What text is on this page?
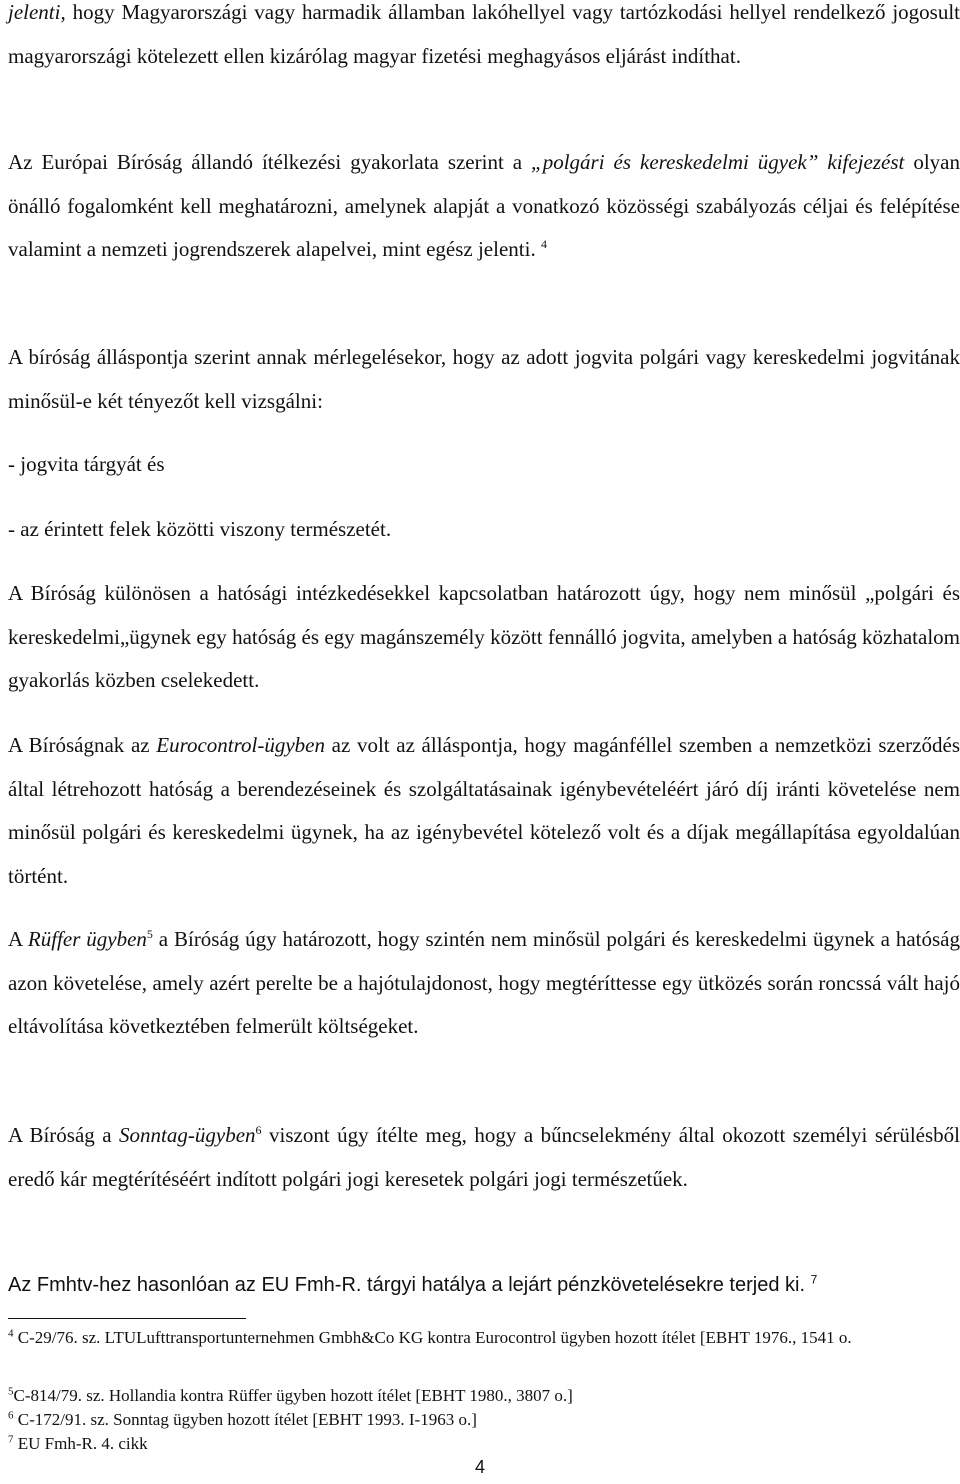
jelenti, hogy Magyarországi vagy harmadik államban lakóhellyel vagy tartózkodási hellyel rendelkező jogosult magyarországi kötelezett ellen kizárólag magyar fizetési meghagyásos eljárást indíthat.

Az Európai Bíróság állandó ítélkezési gyakorlata szerint a „polgári és kereskedelmi ügyek” kifejezést olyan önálló fogalomként kell meghatározni, amelynek alapját a vonatkozó közösségi szabályozás céljai és felépítése valamint a nemzeti jogrendszerek alapelvei, mint egész jelenti. $^4$

A bíróság álláspontja szerint annak mérlegelésekor, hogy az adott jogvita polgári vagy kereskedelmi jogvitának minősül-e két tényezőt kell vizsgálni:

- jogvita tárgyát és

- az érintett felek közötti viszony természetét.

A Bíróság különösen a hatósági intézkedésekkel kapcsolatban határozott úgy, hogy nem minősül „polgári és kereskedelmi„ügynek egy hatóság és egy magánszemély között fennálló jogvita, amelyben a hatóság közhatalom gyakorlás közben cselekedett.

A Bíróságnak az Eurocontrol-ügyben az volt az álláspontja, hogy magánféllel szemben a nemzetközi szerződés által létrehozott hatóság a berendezéseinek és szolgáltatásainak igénybevételéért járó díj iránti követelése nem minősül polgári és kereskedelmi ügynek, ha az igénybevétel kötelező volt és a díjak megállapítása egyoldalúan történt.

A Rüffer ügyben$^5$ a Bíróság úgy határozott, hogy szintén nem minősül polgári és kereskedelmi ügynek a hatóság azon követelése, amely azért perelte be a hajótulajdonost, hogy megtéríttesse egy ütközés során roncssá vált hajó eltávolítása következtében felmerült költségeket.

A Bíróság a Sonntag-ügyben$^6$ viszont úgy ítélte meg, hogy a bűncselekmény által okozott személyi sérülésből eredő kár megtérítéséért indított polgári jogi keresetek polgári jogi természetűek.

Az Fmhtv-hez hasonlóan az EU Fmh-R. tárgyi hatálya a lejárt pénzkövetelésekre terjed ki. $^7$

$^4$ C-29/76. sz. LTULufttransportunternehmen Gmbh&Co KG kontra Eurocontrol ügyben hozott ítélet [EBHT 1976., 1541 o.

$^5$C-814/79. sz. Hollandia kontra Rüffer ügyben hozott ítélet [EBHT 1980., 3807 o.]

$^6$ C-172/91. sz. Sonntag ügyben hozott ítélet [EBHT 1993. I-1963 o.]

$^7$ EU Fmh-R. 4. cikk

4
